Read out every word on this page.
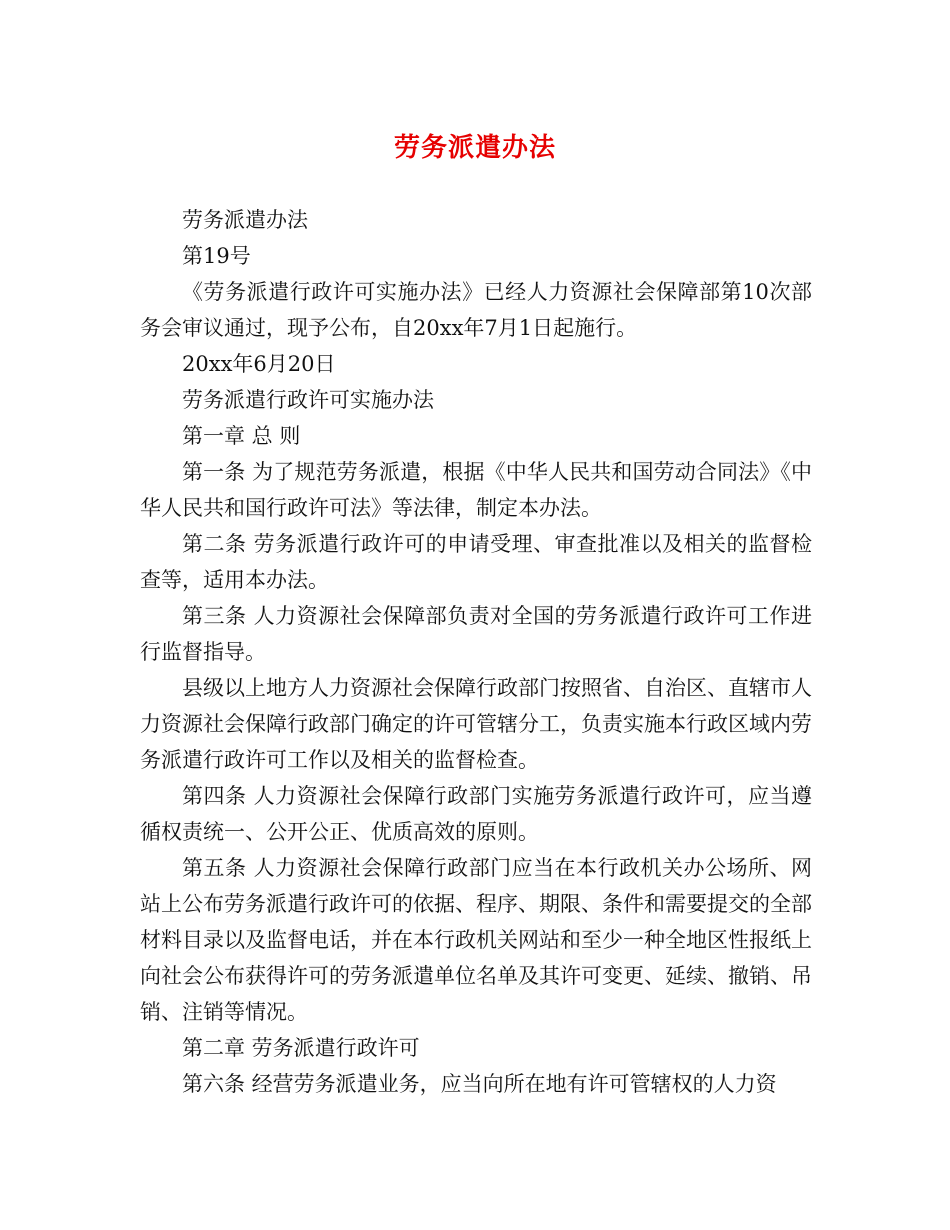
劳务派遣办法

劳务派遣办法

第19号

《劳务派遣行政许可实施办法》已经人力资源社会保障部第10次部务会审议通过，现予公布，自20xx年7月1日起施行。

20xx年6月20日

劳务派遣行政许可实施办法

第一章 总 则

第一条 为了规范劳务派遣，根据《中华人民共和国劳动合同法》《中华人民共和国行政许可法》等法律，制定本办法。

第二条 劳务派遣行政许可的申请受理、审查批准以及相关的监督检查等，适用本办法。

第三条 人力资源社会保障部负责对全国的劳务派遣行政许可工作进行监督指导。

县级以上地方人力资源社会保障行政部门按照省、自治区、直辖市人力资源社会保障行政部门确定的许可管辖分工，负责实施本行政区域内劳务派遣行政许可工作以及相关的监督检查。

第四条 人力资源社会保障行政部门实施劳务派遣行政许可，应当遵循权责统一、公开公正、优质高效的原则。

第五条 人力资源社会保障行政部门应当在本行政机关办公场所、网站上公布劳务派遣行政许可的依据、程序、期限、条件和需要提交的全部材料目录以及监督电话，并在本行政机关网站和至少一种全地区性报纸上向社会公布获得许可的劳务派遣单位名单及其许可变更、延续、撤销、吊销、注销等情况。

第二章 劳务派遣行政许可

第六条 经营劳务派遣业务，应当向所在地有许可管辖权的人力资
